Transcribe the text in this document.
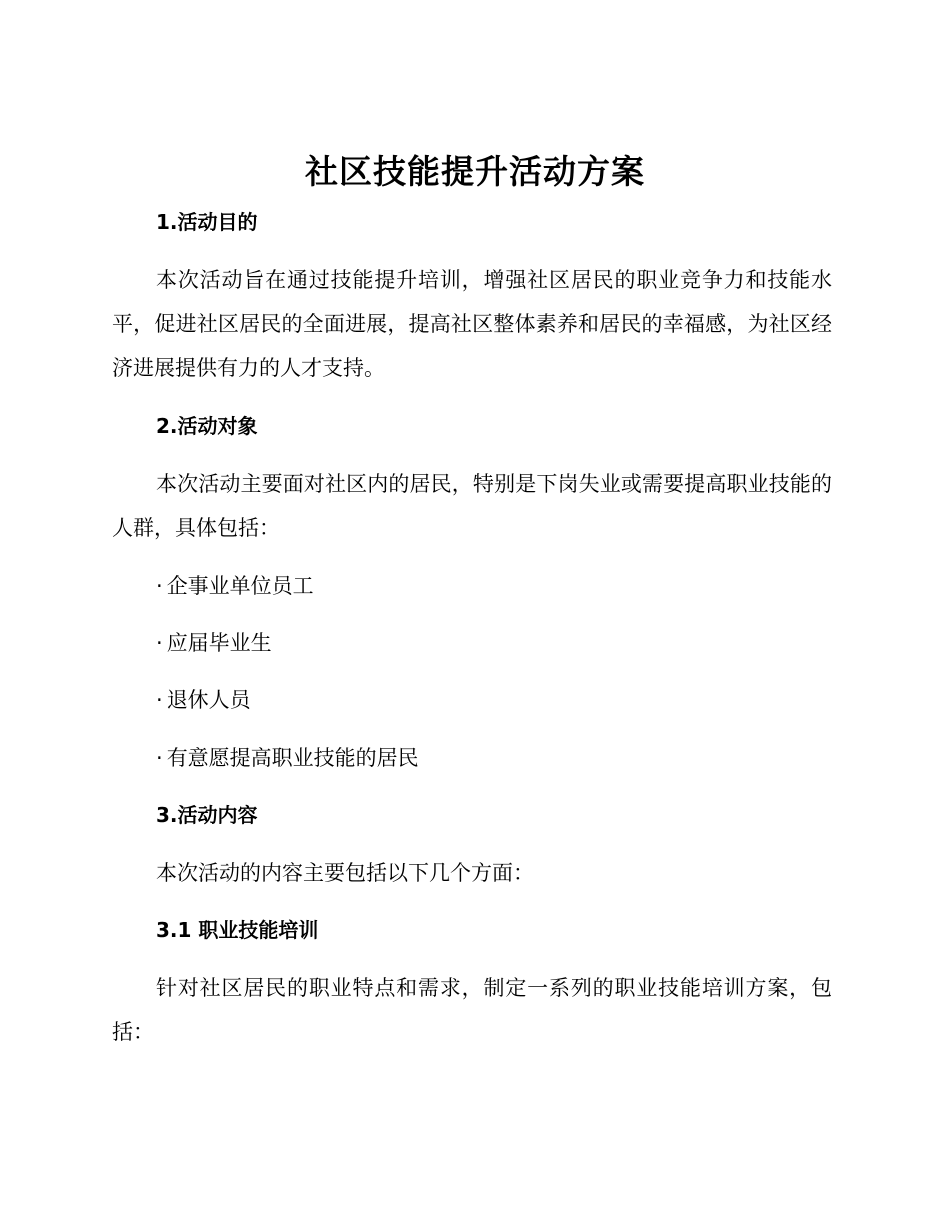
社区技能提升活动方案
1.活动目的
本次活动旨在通过技能提升培训，增强社区居民的职业竞争力和技能水平，促进社区居民的全面进展，提高社区整体素养和居民的幸福感，为社区经济进展提供有力的人才支持。
2.活动对象
本次活动主要面对社区内的居民，特别是下岗失业或需要提高职业技能的人群，具体包括：
· 企事业单位员工
· 应届毕业生
· 退休人员
· 有意愿提高职业技能的居民
3.活动内容
本次活动的内容主要包括以下几个方面：
3.1 职业技能培训
针对社区居民的职业特点和需求，制定一系列的职业技能培训方案，包括：
